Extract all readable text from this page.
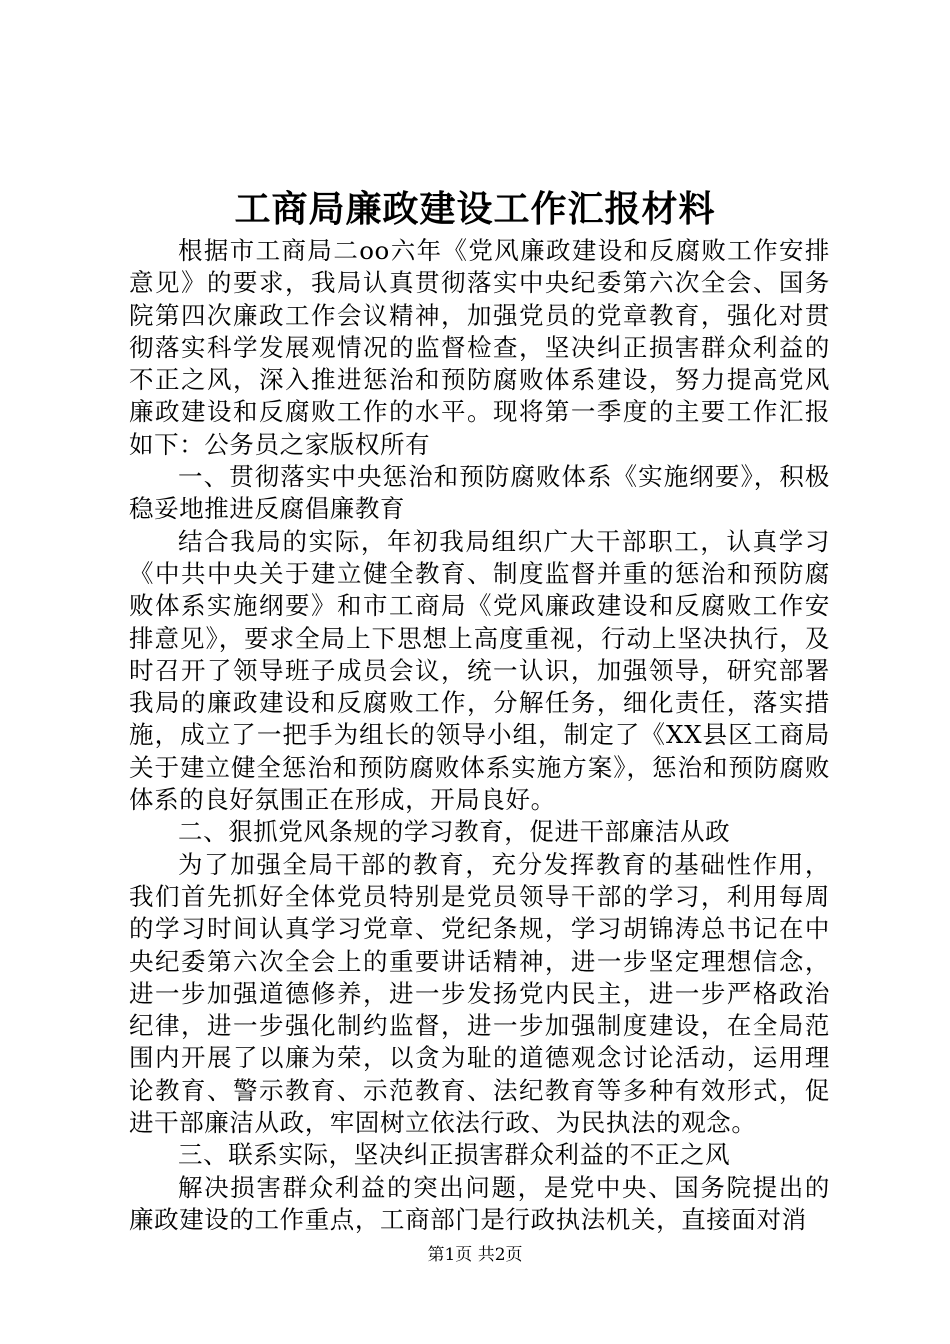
工商局廉政建设工作汇报材料

根据市工商局二oo六年《党风廉政建设和反腐败工作安排意见》的要求，我局认真贯彻落实中央纪委第六次全会、国务院第四次廉政工作会议精神，加强党员的党章教育，强化对贯彻落实科学发展观情况的监督检查，坚决纠正损害群众利益的不正之风，深入推进惩治和预防腐败体系建设，努力提高党风廉政建设和反腐败工作的水平。现将第一季度的主要工作汇报如下：公务员之家版权所有

一、贯彻落实中央惩治和预防腐败体系《实施纲要》，积极稳妥地推进反腐倡廉教育

结合我局的实际，年初我局组织广大干部职工，认真学习《中共中央关于建立健全教育、制度监督并重的惩治和预防腐败体系实施纲要》和市工商局《党风廉政建设和反腐败工作安排意见》，要求全局上下思想上高度重视，行动上坚决执行，及时召开了领导班子成员会议，统一认识，加强领导，研究部署我局的廉政建设和反腐败工作，分解任务，细化责任，落实措施，成立了一把手为组长的领导小组，制定了《XX县区工商局关于建立健全惩治和预防腐败体系实施方案》，惩治和预防腐败体系的良好氛围正在形成，开局良好。

二、狠抓党风条规的学习教育，促进干部廉洁从政

为了加强全局干部的教育，充分发挥教育的基础性作用，我们首先抓好全体党员特别是党员领导干部的学习，利用每周的学习时间认真学习党章、党纪条规，学习胡锦涛总书记在中央纪委第六次全会上的重要讲话精神，进一步坚定理想信念，进一步加强道德修养，进一步发扬党内民主，进一步严格政治纪律，进一步强化制约监督，进一步加强制度建设，在全局范围内开展了以廉为荣，以贪为耻的道德观念讨论活动，运用理论教育、警示教育、示范教育、法纪教育等多种有效形式，促进干部廉洁从政，牢固树立依法行政、为民执法的观念。

三、联系实际，坚决纠正损害群众利益的不正之风

解决损害群众利益的突出问题，是党中央、国务院提出的廉政建设的工作重点，工商部门是行政执法机关，直接面对消

第1页 共2页
